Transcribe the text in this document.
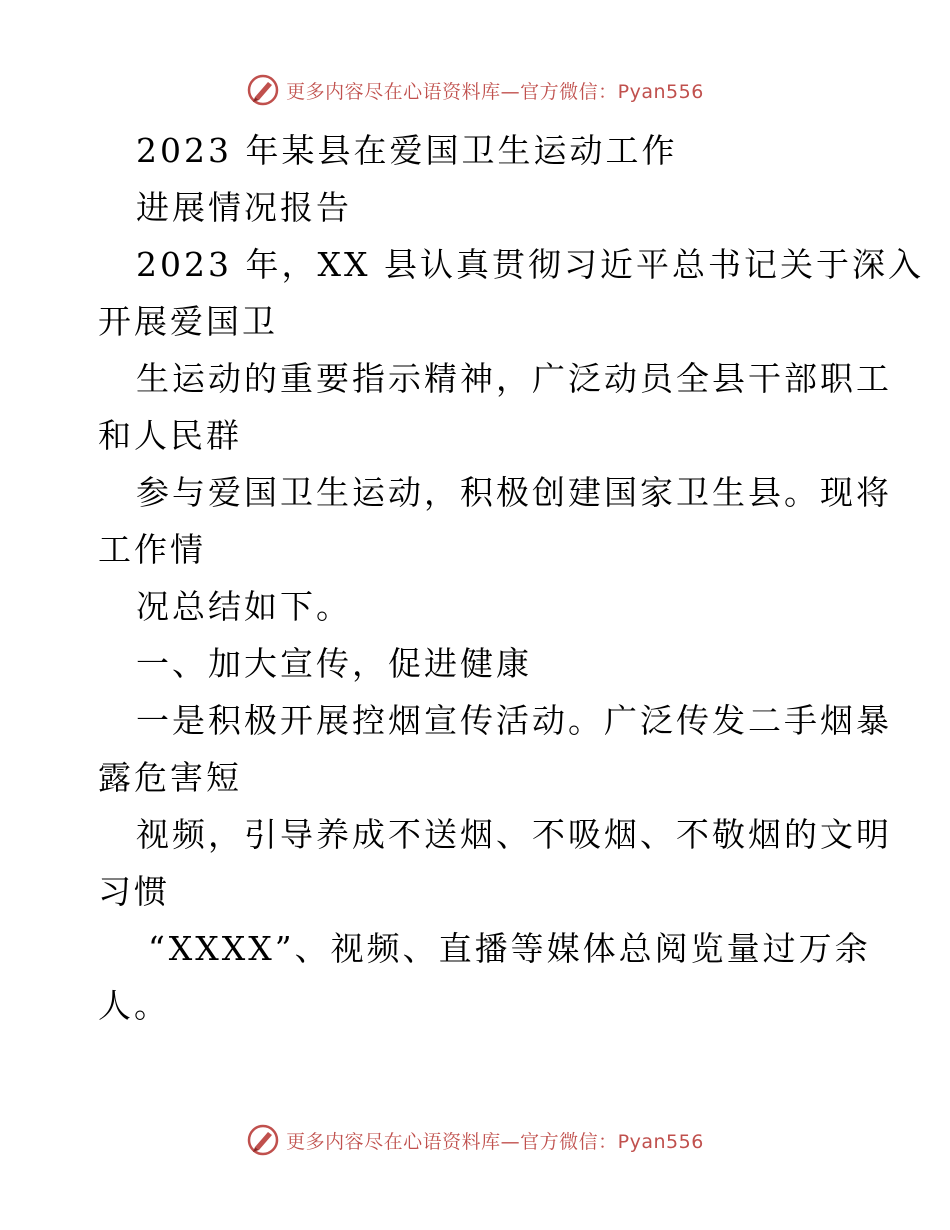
更多内容尽在心语资料库—官方微信：Pyan556
2023 年某县在爱国卫生运动工作
进展情况报告
2023 年，XX 县认真贯彻习近平总书记关于深入
开展爱国卫
生运动的重要指示精神，广泛动员全县干部职工
和人民群
参与爱国卫生运动，积极创建国家卫生县。现将
工作情
况总结如下。
一、加大宣传，促进健康
一是积极开展控烟宣传活动。广泛传发二手烟暴
露危害短
视频，引导养成不送烟、不吸烟、不敬烟的文明
习惯
“XXXX”、视频、直播等媒体总阅览量过万余
人。
更多内容尽在心语资料库—官方微信：Pyan556
